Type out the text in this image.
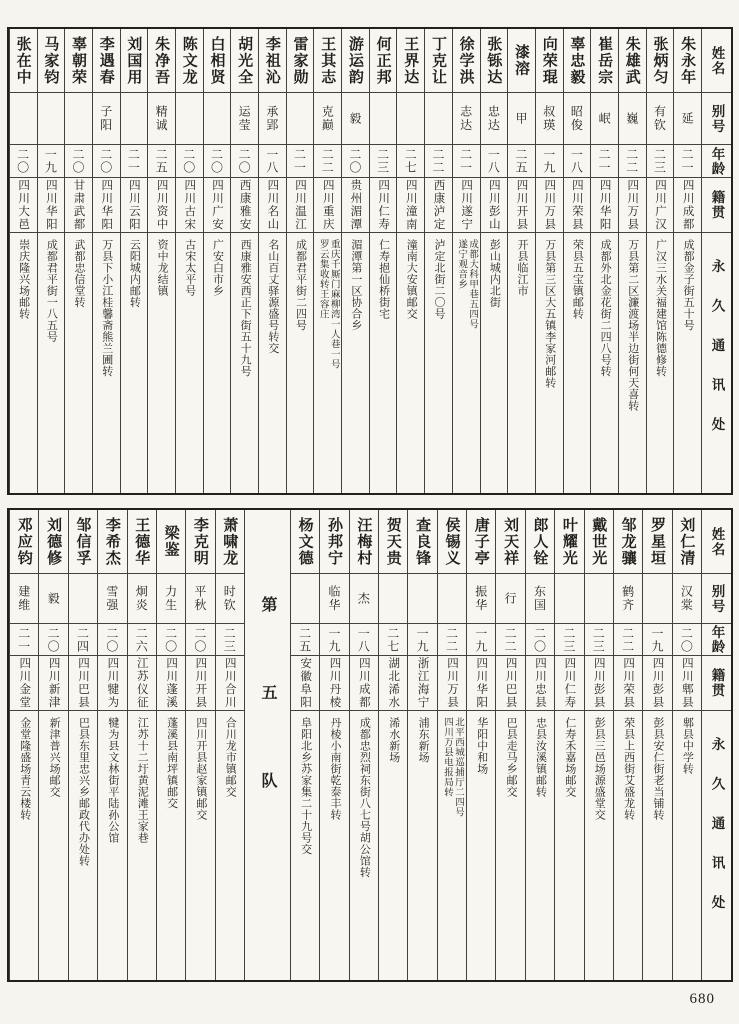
姓名
别号
年龄
籍贯
永久通讯处
朱永年
延
二一
四川成都
成都金子街五十号
张炳匀
有钦
二三
四川广汉
广汉三水关福建馆陈德修转
朱雄武
巍
二二
四川万县
万县第二区濂渡场半边街何天喜转
崔岳宗
岷
二一
四川华阳
成都外北金花街二四八号转
辜忠毅
昭俊
一八
四川荣县
荣县五宝镇邮转
向荣琨
叔瑛
一九
四川万县
万县第三区大五镇李家河邮转
漆溶
甲
二五
四川开县
开县临江市
张铄达
忠达
一八
四川彭山
彭山城内北街
徐学洪
志达
二一
四川遂宁
成都大科甲巷五四号
遂宁观音乡
丁克让
二二
西康泸定
泸定北街二〇号
王界达
二七
四川潼南
潼南大安镇邮交
何正邦
二三
四川仁寿
仁寿挹仙桥街宅
游运韵
毅
二〇
贵州湄潭
湄潭第一区协合乡
王其志
克巅
二二
四川重庆
重庆千厮门麻柳湾一人巷一号
罗云集收转王容庄
雷家勋
二一
四川温江
成都君平街二四号
李祖沁
承郢
一八
四川名山
名山百丈驿源盛号转交
胡光全
运莹
二〇
西康雅安
西康雅安西正下街五十九号
白相贤
二〇
四川广安
广安白市乡
陈文龙
二〇
四川古宋
古宋太平号
朱净吾
精诚
二五
四川资中
资中龙结镇
刘国用
二一
四川云阳
云阳城内邮转
李遇春
子阳
二〇
四川华阳
万县下小江桂馨斋熊兰圃转
辜朝荣
二〇
甘肃武都
武都忠信堂转
马家钧
一九
四川华阳
成都君平街一八五号
张在中
二〇
四川大邑
崇庆隆兴场邮转
姓名
别号
年龄
籍贯
永久通讯处
刘仁清
汉棠
二〇
四川郫县
郫县中学转
罗星垣
一九
四川彭县
彭县安仁街老当铺转
邹龙骧
鹤齐
二二
四川荣县
荣县上西街艾盛龙转
戴世光
二三
四川彭县
彭县三邑场源盛堂交
叶耀光
二三
四川仁寿
仁寿禾嘉场邮交
郎人铨
东国
二〇
四川忠县
忠县汝溪镇邮转
刘天祥
行
二二
四川巴县
巴县走马乡邮交
唐子亭
振华
一九
四川华阳
华阳中和场
侯锡义
二二
四川万县
北平西城巡捕厅二四号
四川万县电报局转
查良锋
一九
浙江海宁
浦东新场
贺天贵
二七
湖北浠水
浠水新场
汪梅村
杰
一八
四川成都
成都忠烈祠东街八七号胡公馆转
孙邦宁
临华
一九
四川丹棱
丹棱小南街乾泰丰转
杨文德
二五
安徽阜阳
阜阳北乡苏家集二十九号交
第五队
萧啸龙
时钦
二三
四川合川
合川龙市镇邮交
李克明
平秋
二〇
四川开县
四川开县赵家镇邮交
梁鉴
力生
二〇
四川蓬溪
蓬溪县南坪镇邮交
王德华
炯炎
二六
江苏仪征
江苏十二圩黄泥滩王家巷
李希杰
雪强
二〇
四川犍为
犍为县文林街平陆孙公馆
邹信孚
二四
四川巴县
巴县东里忠兴乡邮政代办处转
刘德修
毅
二〇
四川新津
新津普兴场邮交
邓应钧
建维
二一
四川金堂
金堂隆盛场青云楼转
680
